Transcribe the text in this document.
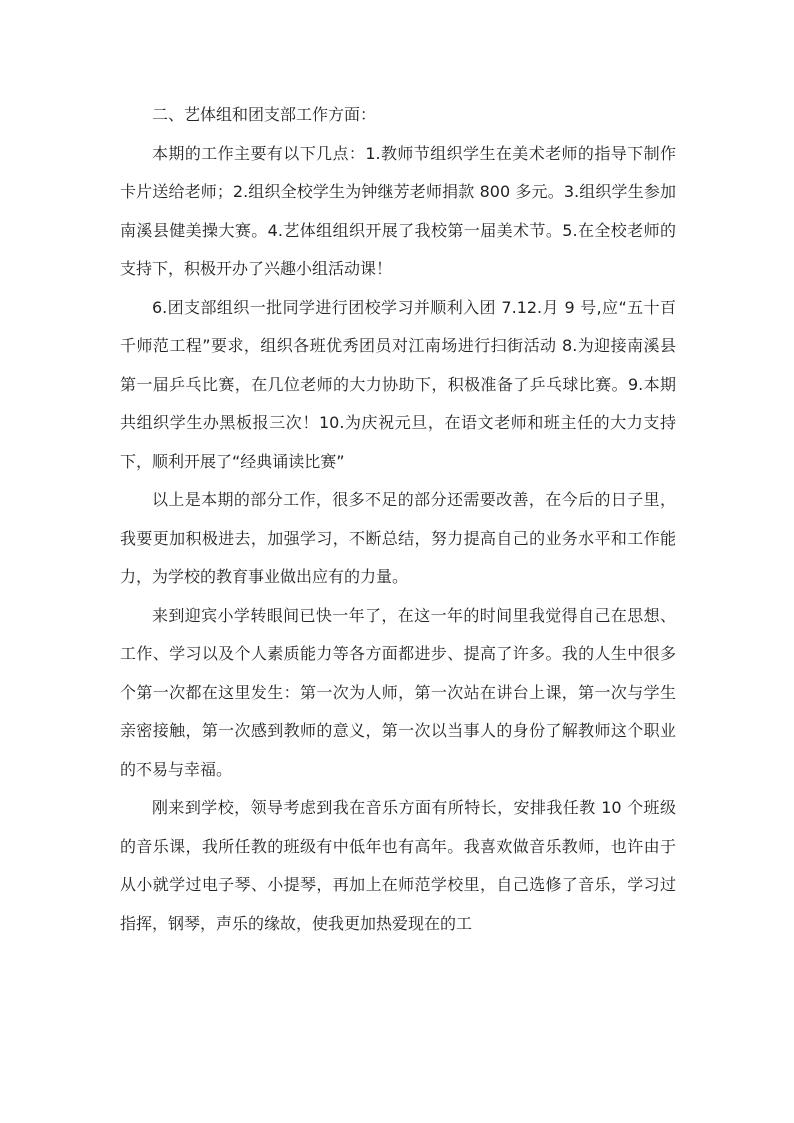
二、艺体组和团支部工作方面：

本期的工作主要有以下几点：1.教师节组织学生在美术老师的指导下制作卡片送给老师；2.组织全校学生为钟继芳老师捐款 800 多元。3.组织学生参加南溪县健美操大赛。4.艺体组组织开展了我校第一届美术节。5.在全校老师的支持下，积极开办了兴趣小组活动课！

6.团支部组织一批同学进行团校学习并顺利入团 7.12.月 9 号,应“五十百千师范工程”要求，组织各班优秀团员对江南场进行扫街活动 8.为迎接南溪县第一届乒乓比赛，在几位老师的大力协助下，积极准备了乒乓球比赛。9.本期共组织学生办黑板报三次！10.为庆祝元旦，在语文老师和班主任的大力支持下，顺利开展了“经典诵读比赛”

以上是本期的部分工作，很多不足的部分还需要改善，在今后的日子里，我要更加积极进去，加强学习，不断总结，努力提高自己的业务水平和工作能力，为学校的教育事业做出应有的力量。

来到迎宾小学转眼间已快一年了，在这一年的时间里我觉得自己在思想、工作、学习以及个人素质能力等各方面都进步、提高了许多。我的人生中很多个第一次都在这里发生：第一次为人师，第一次站在讲台上课，第一次与学生亲密接触，第一次感到教师的意义，第一次以当事人的身份了解教师这个职业的不易与幸福。

刚来到学校，领导考虑到我在音乐方面有所特长，安排我任教 10 个班级的音乐课，我所任教的班级有中低年也有高年。我喜欢做音乐教师，也许由于从小就学过电子琴、小提琴，再加上在师范学校里，自己选修了音乐，学习过指挥，钢琴，声乐的缘故，使我更加热爱现在的工
